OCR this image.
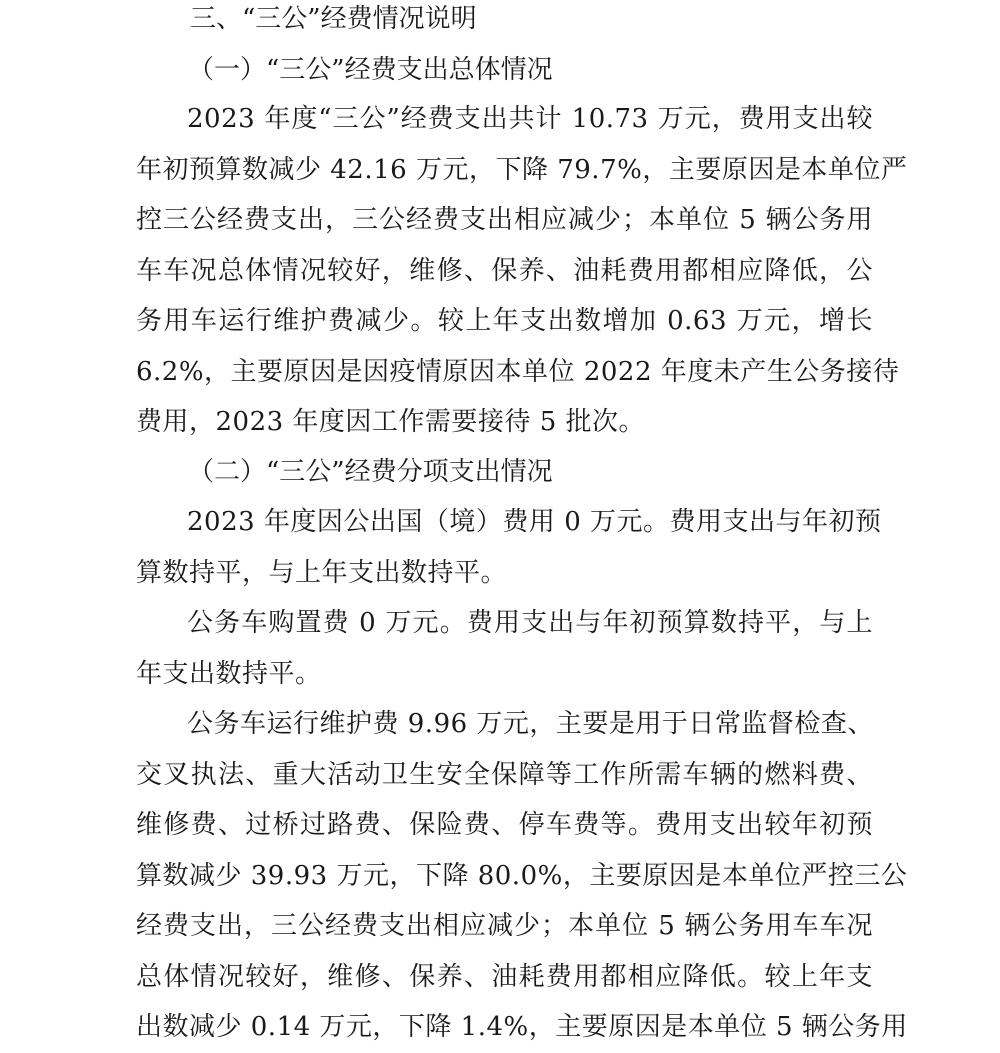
三、“三公”经费情况说明
（一）“三公”经费支出总体情况
2023 年度“三公”经费支出共计 10.73 万元，费用支出较
年初预算数减少 42.16 万元，下降 79.7%，主要原因是本单位严
控三公经费支出，三公经费支出相应减少；本单位 5 辆公务用
车车况总体情况较好，维修、保养、油耗费用都相应降低，公
务用车运行维护费减少。较上年支出数增加 0.63 万元，增长
6.2%，主要原因是因疫情原因本单位 2022 年度未产生公务接待
费用，2023 年度因工作需要接待 5 批次。
（二）“三公”经费分项支出情况
2023 年度因公出国（境）费用 0 万元。费用支出与年初预
算数持平，与上年支出数持平。
公务车购置费 0 万元。费用支出与年初预算数持平，与上
年支出数持平。
公务车运行维护费 9.96 万元，主要是用于日常监督检查、
交叉执法、重大活动卫生安全保障等工作所需车辆的燃料费、
维修费、过桥过路费、保险费、停车费等。费用支出较年初预
算数减少 39.93 万元，下降 80.0%，主要原因是本单位严控三公
经费支出，三公经费支出相应减少；本单位 5 辆公务用车车况
总体情况较好，维修、保养、油耗费用都相应降低。较上年支
出数减少 0.14 万元，下降 1.4%，主要原因是本单位 5 辆公务用
